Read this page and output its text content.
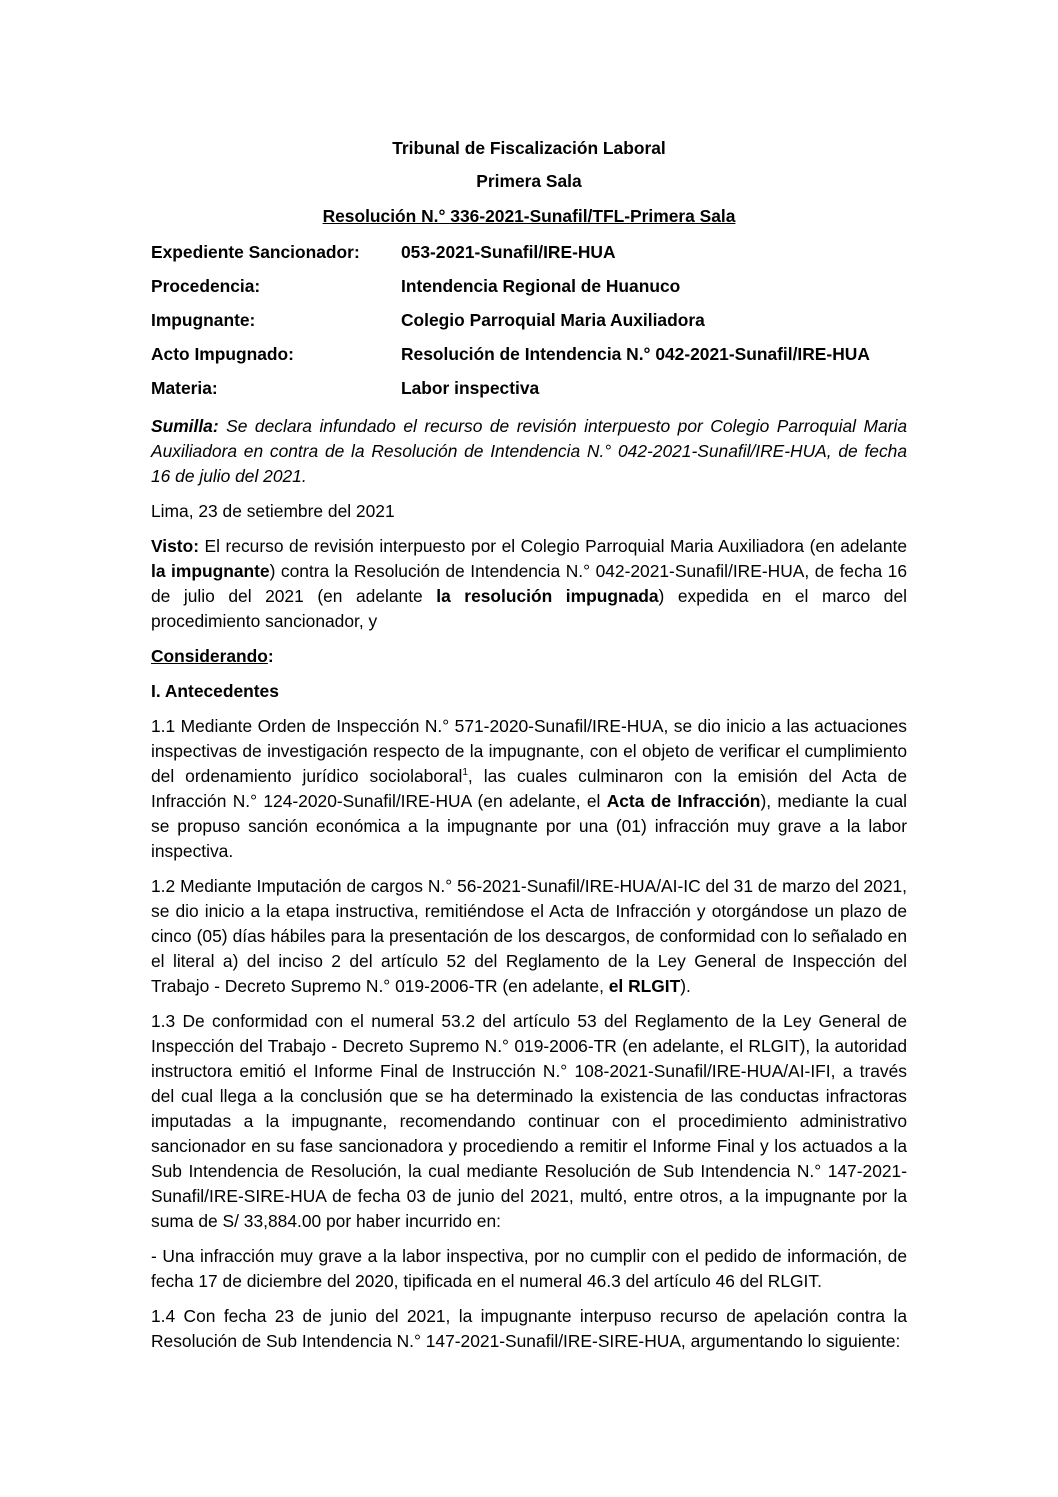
Tribunal de Fiscalización Laboral
Primera Sala
Resolución N.° 336-2021-Sunafil/TFL-Primera Sala
Expediente Sancionador:	053-2021-Sunafil/IRE-HUA
Procedencia:	Intendencia Regional de Huanuco
Impugnante:	Colegio Parroquial Maria Auxiliadora
Acto Impugnado:	Resolución de Intendencia N.° 042-2021-Sunafil/IRE-HUA
Materia:	Labor inspectiva

Sumilla: Se declara infundado el recurso de revisión interpuesto por Colegio Parroquial Maria Auxiliadora en contra de la Resolución de Intendencia N.° 042-2021-Sunafil/IRE-HUA, de fecha 16 de julio del 2021.

Lima, 23 de setiembre del 2021

Visto: El recurso de revisión interpuesto por el Colegio Parroquial Maria Auxiliadora (en adelante la impugnante) contra la Resolución de Intendencia N.° 042-2021-Sunafil/IRE-HUA, de fecha 16 de julio del 2021 (en adelante la resolución impugnada) expedida en el marco del procedimiento sancionador, y

Considerando:

I. Antecedentes

1.1 Mediante Orden de Inspección N.° 571-2020-Sunafil/IRE-HUA, se dio inicio a las actuaciones inspectivas de investigación respecto de la impugnante, con el objeto de verificar el cumplimiento del ordenamiento jurídico sociolaboral$^1$, las cuales culminaron con la emisión del Acta de Infracción N.° 124-2020-Sunafil/IRE-HUA (en adelante, el Acta de Infracción), mediante la cual se propuso sanción económica a la impugnante por una (01) infracción muy grave a la labor inspectiva.

1.2 Mediante Imputación de cargos N.° 56-2021-Sunafil/IRE-HUA/AI-IC del 31 de marzo del 2021, se dio inicio a la etapa instructiva, remitiéndose el Acta de Infracción y otorgándose un plazo de cinco (05) días hábiles para la presentación de los descargos, de conformidad con lo señalado en el literal a) del inciso 2 del artículo 52 del Reglamento de la Ley General de Inspección del Trabajo - Decreto Supremo N.° 019-2006-TR (en adelante, el RLGIT).

1.3 De conformidad con el numeral 53.2 del artículo 53 del Reglamento de la Ley General de Inspección del Trabajo - Decreto Supremo N.° 019-2006-TR (en adelante, el RLGIT), la autoridad instructora emitió el Informe Final de Instrucción N.° 108-2021-Sunafil/IRE-HUA/AI-IFI, a través del cual llega a la conclusión que se ha determinado la existencia de las conductas infractoras imputadas a la impugnante, recomendando continuar con el procedimiento administrativo sancionador en su fase sancionadora y procediendo a remitir el Informe Final y los actuados a la Sub Intendencia de Resolución, la cual mediante Resolución de Sub Intendencia N.° 147-2021-Sunafil/IRE-SIRE-HUA de fecha 03 de junio del 2021, multó, entre otros, a la impugnante por la suma de S/ 33,884.00 por haber incurrido en:

- Una infracción muy grave a la labor inspectiva, por no cumplir con el pedido de información, de fecha 17 de diciembre del 2020, tipificada en el numeral 46.3 del artículo 46 del RLGIT.

1.4 Con fecha 23 de junio del 2021, la impugnante interpuso recurso de apelación contra la Resolución de Sub Intendencia N.° 147-2021-Sunafil/IRE-SIRE-HUA, argumentando lo siguiente:
